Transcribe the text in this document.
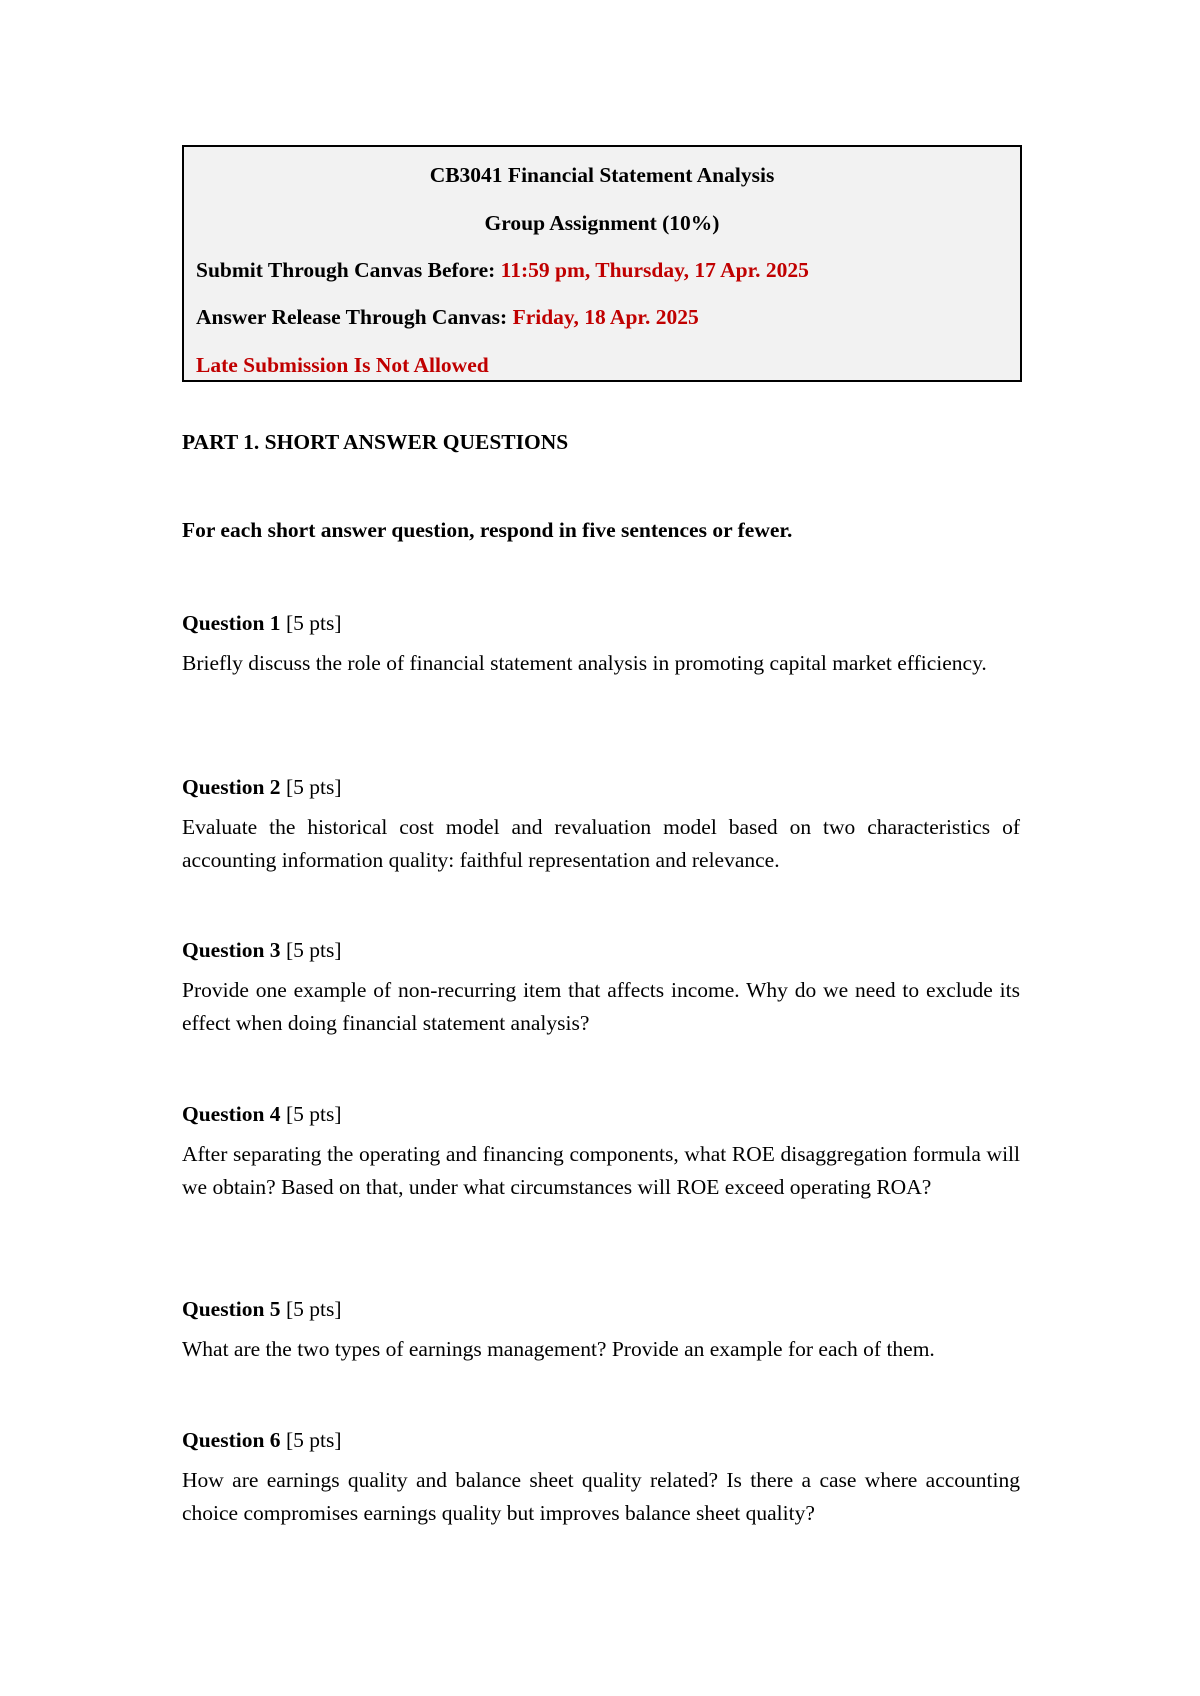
CB3041 Financial Statement Analysis
Group Assignment (10%)
Submit Through Canvas Before: 11:59 pm, Thursday, 17 Apr. 2025
Answer Release Through Canvas: Friday, 18 Apr. 2025
Late Submission Is Not Allowed
PART 1. SHORT ANSWER QUESTIONS
For each short answer question, respond in five sentences or fewer.
Question 1 [5 pts]
Briefly discuss the role of financial statement analysis in promoting capital market efficiency.
Question 2 [5 pts]
Evaluate the historical cost model and revaluation model based on two characteristics of accounting information quality: faithful representation and relevance.
Question 3 [5 pts]
Provide one example of non-recurring item that affects income. Why do we need to exclude its effect when doing financial statement analysis?
Question 4 [5 pts]
After separating the operating and financing components, what ROE disaggregation formula will we obtain? Based on that, under what circumstances will ROE exceed operating ROA?
Question 5 [5 pts]
What are the two types of earnings management? Provide an example for each of them.
Question 6 [5 pts]
How are earnings quality and balance sheet quality related? Is there a case where accounting choice compromises earnings quality but improves balance sheet quality?
